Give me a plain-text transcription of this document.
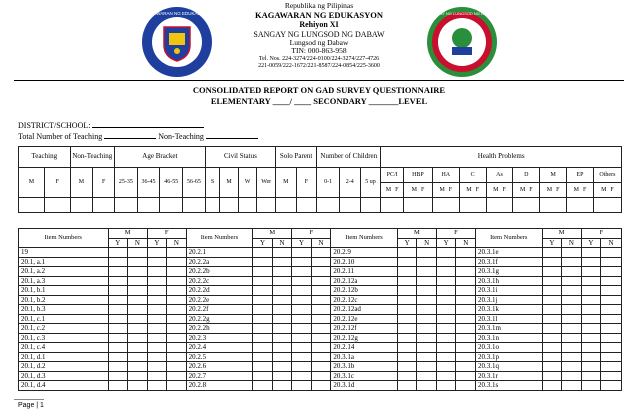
KAGAWARAN NG EDUKASYON
Republika ng Pilipinas
KAGAWARAN NG EDUKASYON
Rehiyon XI
SANGAY NG LUNGSOD NG DABAW
Lungsod ng Dabaw
TIN: 000-863-958
Tel. Nos. 224-3274/224-0100/224-3274/227-4726
221-0059/222-1672/221-8587/224-0854/225-3600
SANGAY NG LUNGSOD NG DABAW
CONSOLIDATED REPORT ON GAD SURVEY QUESTIONNAIRE
ELEMENTARY ____/ ____ SECONDARY _______LEVEL
DISTRICT/SCHOOL:
Total Number of Teaching	Non-Teaching
Teaching		Non-Teaching		Age Bracket				Civil Status				Solo Parent		Number of Children			Health Problems								
M	F	M	F	25-35	36-45	46-55	56-65	S	M	W	Wer	M	F	0-1	2-4	5 up	PC/I	HBP	HA	C	As	D	M	EP	Others
																	M F	M F	M F	M F	M F	M F	M F	M F	M F

Item Numbers	M		F		Item Numbers	M		F		Item Numbers	M		F		Item Numbers	M		F	
	Y	N	Y	N		Y	N	Y	N		Y	N	Y	N		Y	N	Y	N
19					20.2.1					20.2.9					20.3.1e				
20.1, a.1					20.2.2a					20.2.10					20.3.1f				
20.1, a.2					20.2.2b					20.2.11					20.3.1g				
20.1, a.3					20.2.2c					20.2.12a					20.3.1h				
20.1, b.1					20.2.2d					20.2.12b					20.3.1i				
20.1, b.2					20.2.2e					20.2.12c					20.3.1j				
20.1, b.3					20.2.2f					20.2.12ad					20.3.1k				
20.1, c.1					20.2.2g					20.2.12e					20.3.1l				
20.1, c.2					20.2.2h					20.2.12f					20.3.1m				
20.1, c.3					20.2.3					20.2.12g					20.3.1n				
20.1, c.4					20.2.4					20.2.14					20.3.1o				
20.1, d.1					20.2.5					20.3.1a					20.3.1p				
20.1, d.2					20.2.6					20.3.1b					20.3.1q				
20.1, d.3					20.2.7					20.3.1c					20.3.1r				
20.1, d.4					20.2.8					20.3.1d					20.3.1s				
Page | 1
